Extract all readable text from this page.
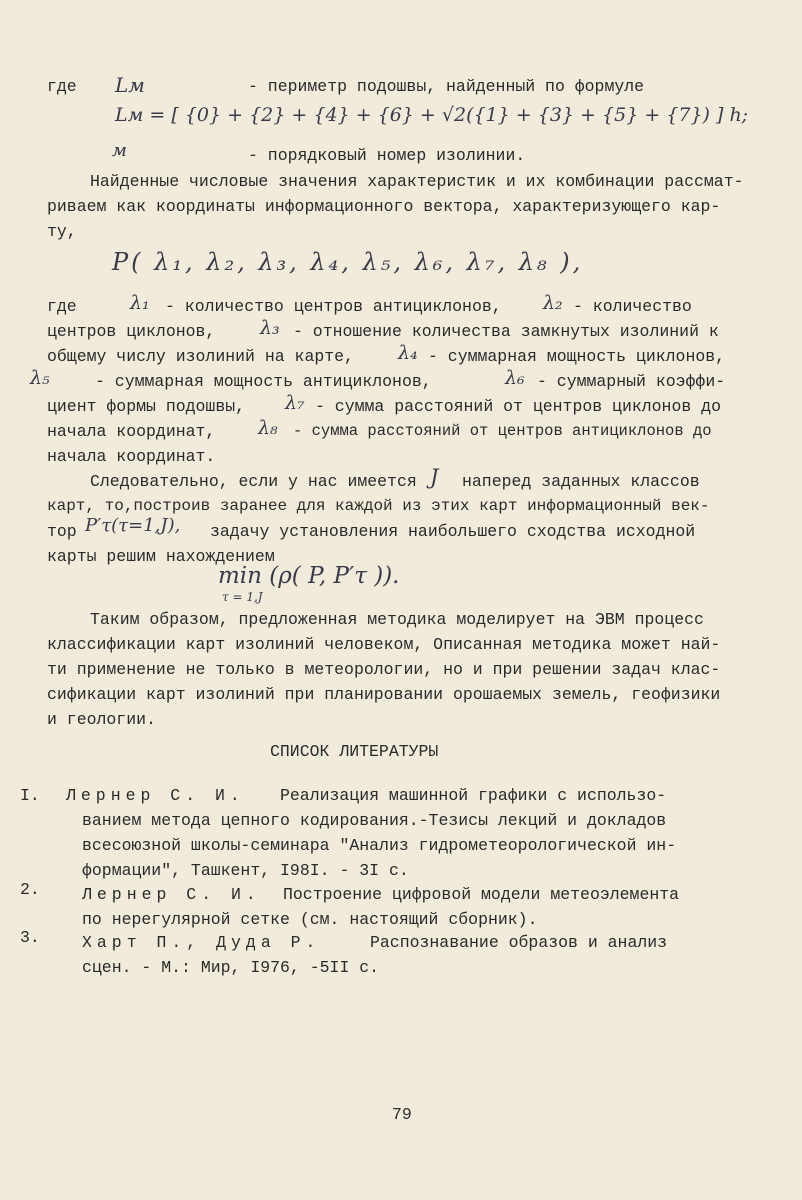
где Lм	- периметр подошвы, найденный по формуле
Lм = [ {0} + {2} + {4} + {6} + √2({1} + {3} + {5} + {7}) ] h;
м	- порядковый номер изолинии.
Найденные числовые значения характеристик и их комбинации рассмат-
риваем как координаты информационного вектора, характеризующего кар-
ту,
P( λ₁, λ₂, λ₃, λ₄, λ₅, λ₆, λ₇, λ₈ ),
где	λ₁ - количество центров антициклонов, λ₂ - количество
центров циклонов, λ₃ - отношение количества замкнутых изолиний к
общему числу изолиний на карте, λ₄ - суммарная мощность циклонов,
λ₅	- суммарная мощность антициклонов,	λ₆ - суммарный коэффи-
циент формы подошвы, λ₇ - сумма расстояний от центров циклонов до
начала координат, λ₈ - сумма расстояний от центров антициклонов до
начала координат.
Следовательно, если у нас имеется J наперед заданных классов
карт, то,построив заранее для каждой из этих карт информационный век-
тор P′τ(τ=1,J), задачу установления наибольшего сходства исходной
карты решим нахождением
min (ρ( P, P′τ )).
τ = 1,J
Таким образом, предложенная методика моделирует на ЭВМ процесс
классификации карт изолиний человеком, Описанная методика может най-
ти применение не только в метеорологии, но и при решении задач клас-
сификации карт изолиний при планировании орошаемых земель, геофизики
и геологии.
СПИСОК ЛИТЕРАТУРЫ
I. Лернер С. И. Реализация машинной графики с использо-
ванием метода цепного кодирования.-Тезисы лекций и докладов
всесоюзной школы-семинара "Анализ гидрометеорологической ин-
формации", Ташкент, I98I. - 3I с.
2.	Лернер С. И. Построение цифровой модели метеоэлемента
по нерегулярной сетке (см. настоящий сборник).
3.	Харт П., Дуда Р.	Распознавание образов и анализ
сцен. - М.: Мир, I976, -5II с.
79
